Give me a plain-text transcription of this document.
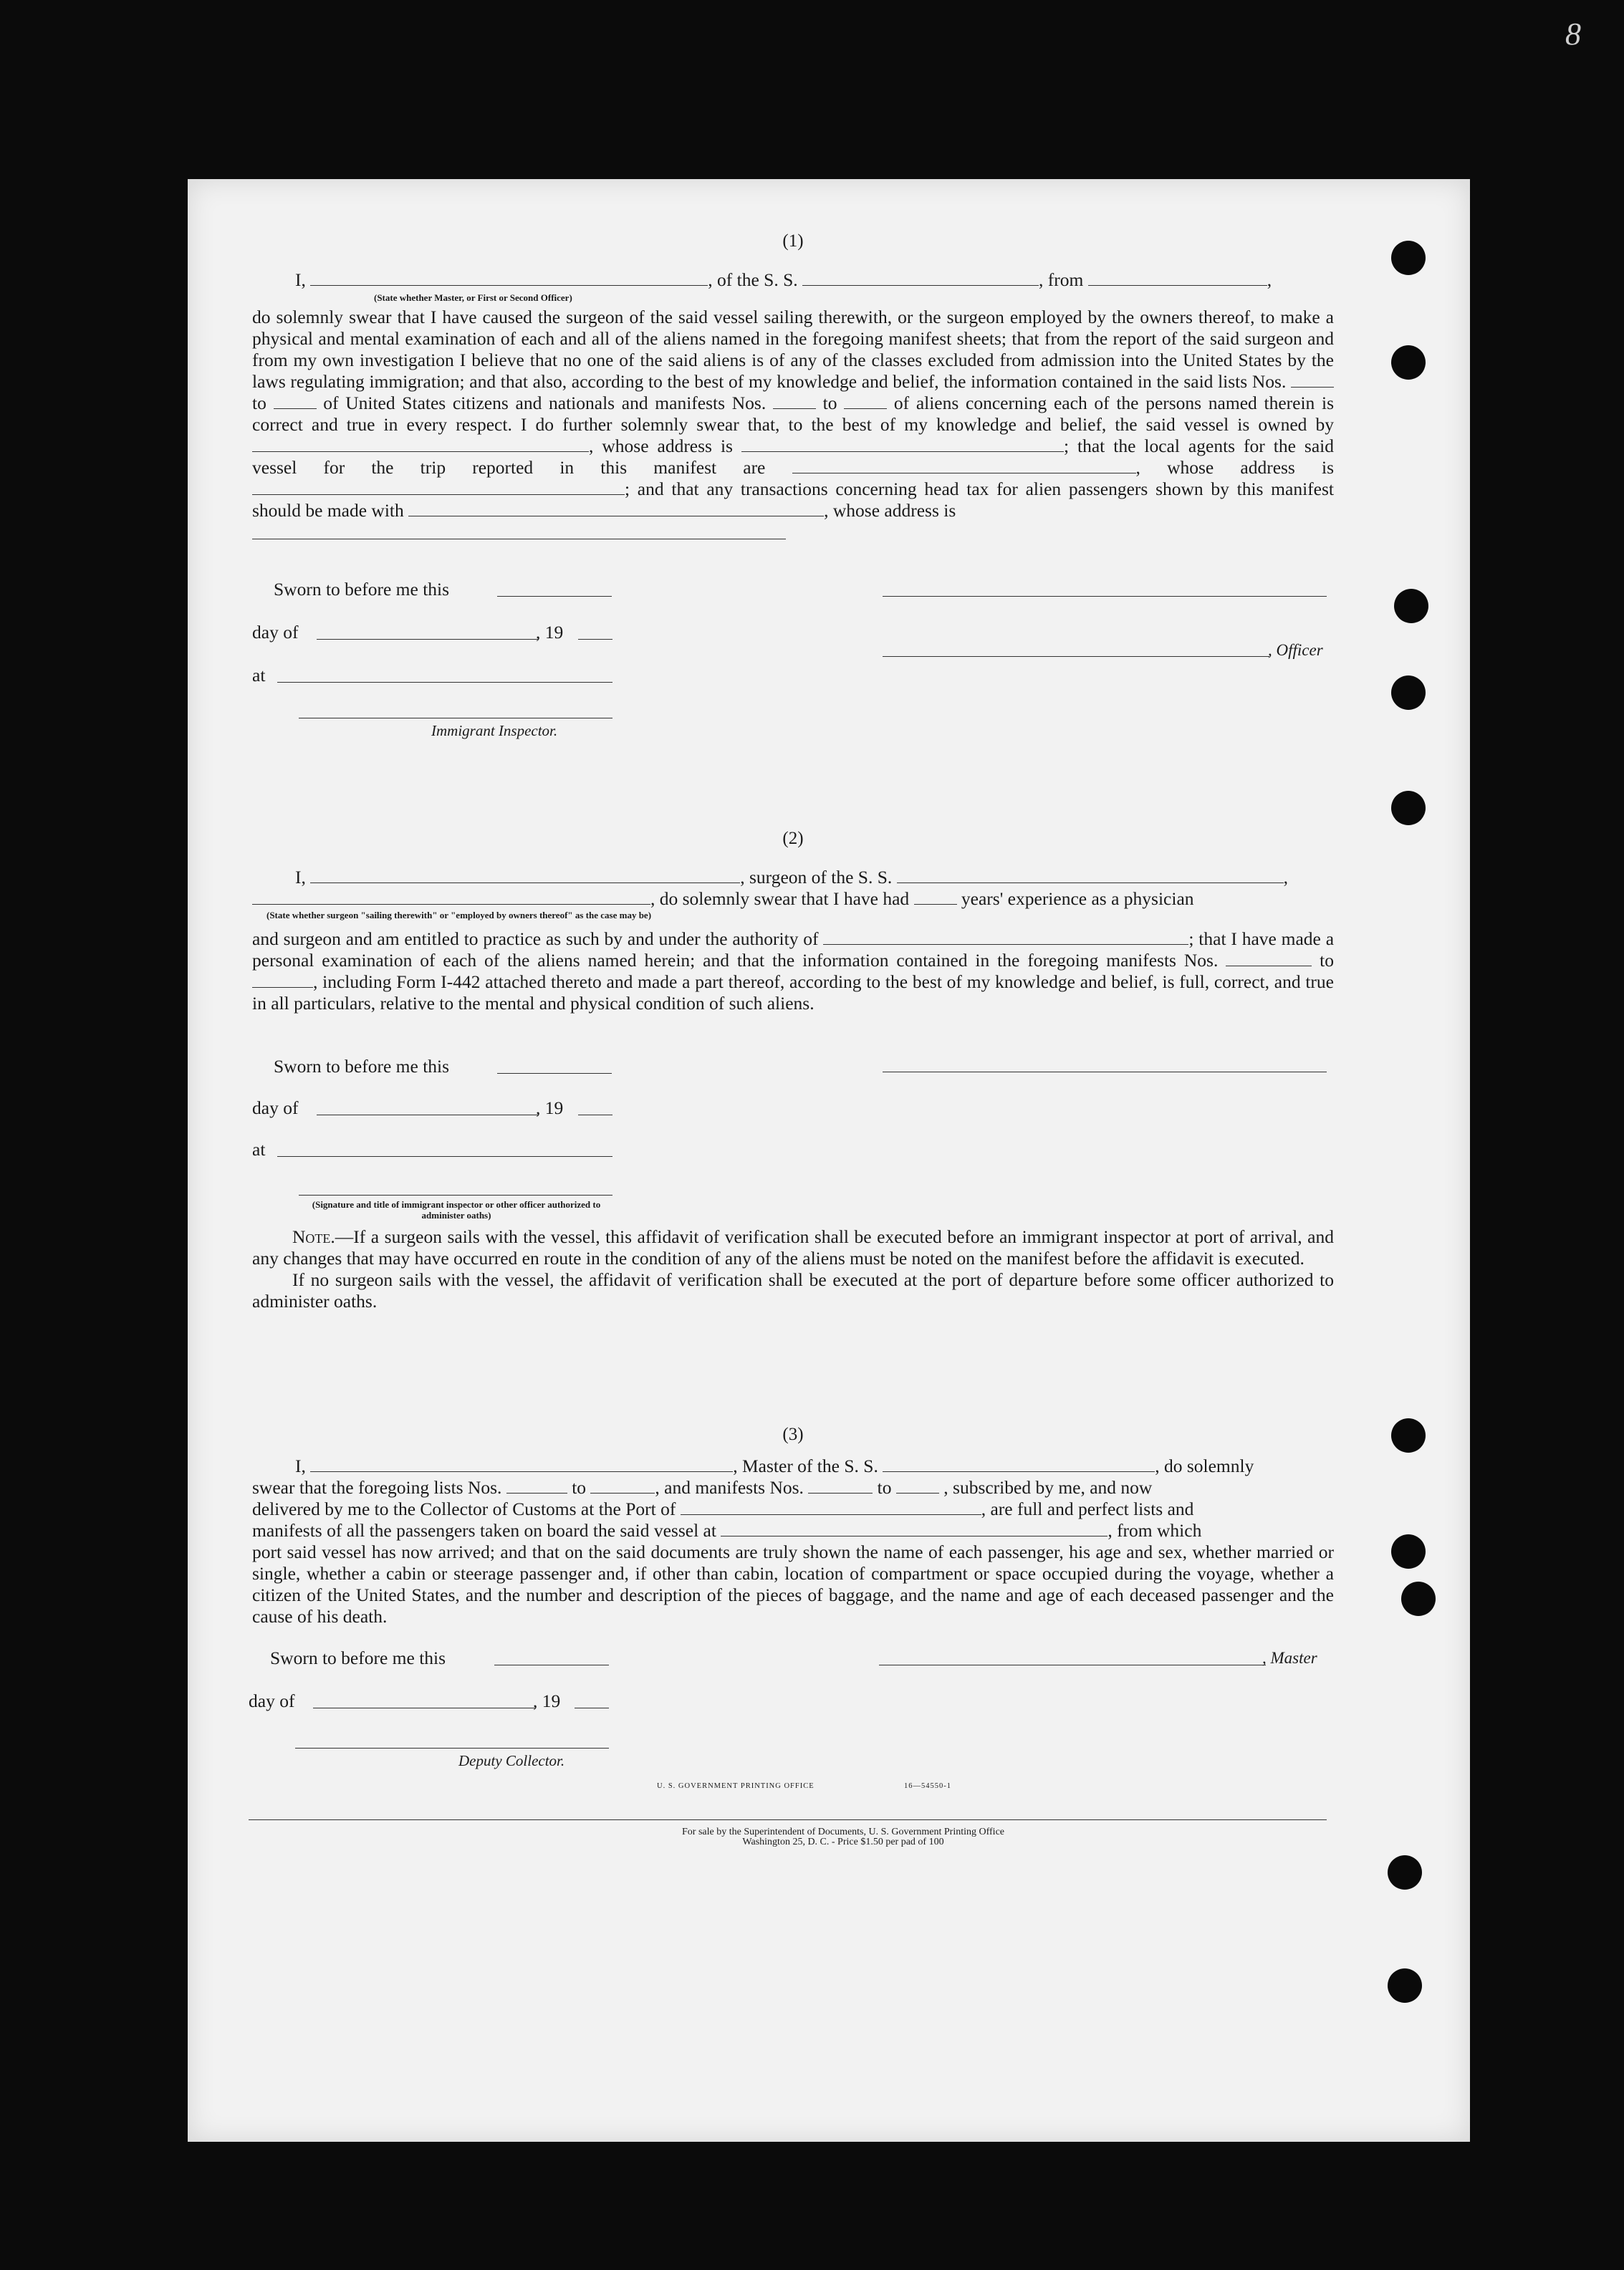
8
(1)
I,	, of the S. S.	, from	,
(State whether Master, or First or Second Officer)

do solemnly swear that I have caused the surgeon of the said vessel sailing therewith, or the surgeon employed by the owners thereof, to make a physical and mental examination of each and all of the aliens named in the foregoing manifest sheets; that from the report of the said surgeon and from my own investigation I believe that no one of the said aliens is of any of the classes excluded from admission into the United States by the laws regulating immigration; and that also, according to the best of my knowledge and belief, the information contained in the said lists Nos.  to	of United States citizens and nationals and manifests Nos.	to	of aliens concerning each of the persons named therein is correct and true in every respect. I do further solemnly swear that, to the best of my knowledge and belief, the said vessel is owned by , whose address is	; that the local agents for the said vessel for the trip reported in this manifest are	, whose address is ; and that any transactions concerning head tax for alien passengers shown by this manifest should be made with	, whose address is

Sworn to before me this
day of	, 19
at
Immigrant Inspector.
, Officer
(2)
I,	, surgeon of the S. S.	,
, do solemnly swear that I have had	years' experience as a physician
(State whether surgeon "sailing therewith" or "employed by owners thereof" as the case may be)

and surgeon and am entitled to practice as such by and under the authority of	; that I have made a personal examination of each of the aliens named herein; and that the information contained in the foregoing manifests Nos.	to , including Form I-442 attached thereto and made a part thereof, according to the best of my knowledge and belief, is full, correct, and true in all particulars, relative to the mental and physical condition of such aliens.

Sworn to before me this
day of	, 19
at
(Signature and title of immigrant inspector or other officer authorized to administer oaths)

Note.—If a surgeon sails with the vessel, this affidavit of verification shall be executed before an immigrant inspector at port of arrival, and any changes that may have occurred en route in the condition of any of the aliens must be noted on the manifest before the affidavit is executed.

If no surgeon sails with the vessel, the affidavit of verification shall be executed at the port of departure before some officer authorized to administer oaths.

(3)
I,	, Master of the S. S.	, do solemnly
swear that the foregoing lists Nos.	to	, and manifests Nos.	to	, subscribed by me, and now
delivered by me to the Collector of Customs at the Port of	, are full and perfect lists and
manifests of all the passengers taken on board the said vessel at	, from which

port said vessel has now arrived; and that on the said documents are truly shown the name of each passenger, his age and sex, whether married or single, whether a cabin or steerage passenger and, if other than cabin, location of compartment or space occupied during the voyage, whether a citizen of the United States, and the number and description of the pieces of baggage, and the name and age of each deceased passenger and the cause of his death.

Sworn to before me this
day of	, 19
Deputy Collector.
, Master
U. S. GOVERNMENT PRINTING OFFICE	16—54550-1
For sale by the Superintendent of Documents, U. S. Government Printing Office
Washington 25, D. C. - Price $1.50 per pad of 100
